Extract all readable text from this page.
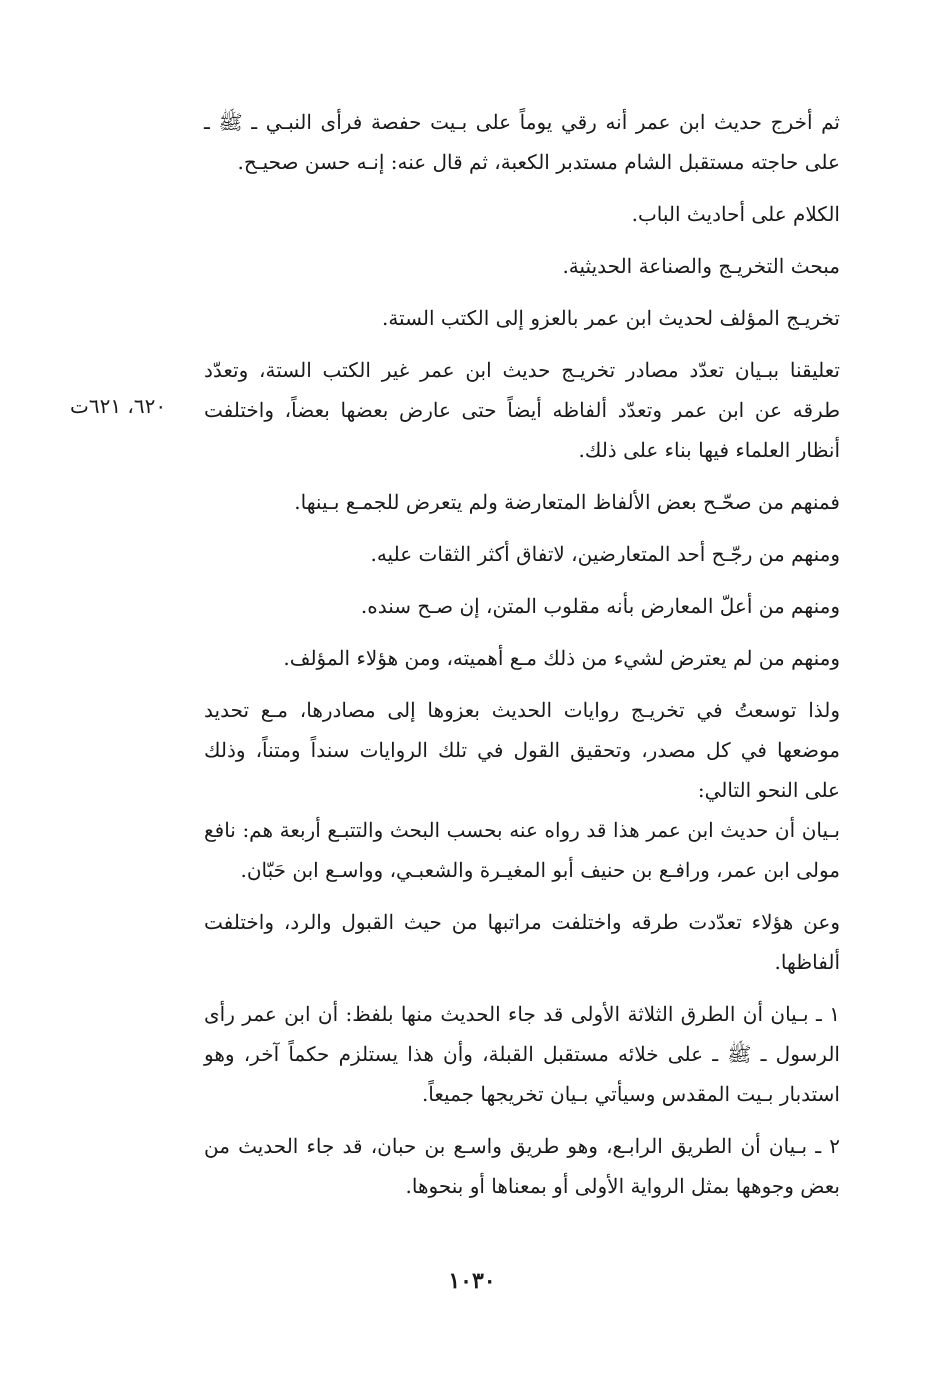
ثم أخرج حديث ابن عمر أنه رقي يوماً على بـيت حفصة فرأى النبـي ـ ﷺ ـ على حاجته مستقبل الشام مستدبر الكعبة، ثم قال عنه: إنـه حسن صحيـح.

الكلام على أحاديث الباب.

مبحث التخريـج والصناعة الحديثية.

تخريـج المؤلف لحديث ابن عمر بالعزو إلى الكتب الستة.

تعليقنا ببـيان تعدّد مصادر تخريـج حديث ابن عمر غير الكتب الستة، وتعدّد طرقه عن ابن عمر وتعدّد ألفاظه أيضاً حتى عارض بعضها بعضاً، واختلفت أنظار العلماء فيها بناء على ذلك.

فمنهم من صحّـح بعض الألفاظ المتعارضة ولم يتعرض للجمـع بـينها.

ومنهم من رجّـح أحد المتعارضين، لاتفاق أكثر الثقات عليه.

ومنهم من أعلّ المعارض بأنه مقلوب المتن، إن صـح سنده.

ومنهم من لم يعترض لشيء من ذلك مـع أهميته، ومن هؤلاء المؤلف.

ولذا توسعتُ في تخريـج روايات الحديث بعزوها إلى مصادرها، مـع تحديد موضعها في كل مصدر، وتحقيق القول في تلك الروايات سنداً ومتناً، وذلك على النحو التالي:

بـيان أن حديث ابن عمر هذا قد رواه عنه بحسب البحث والتتبـع أربعة هم: نافع مولى ابن عمر، ورافـع بن حنيف أبو المغيـرة والشعبـي، وواسـع ابن حَبّان.

وعن هؤلاء تعدّدت طرقه واختلفت مراتبها من حيث القبول والرد، واختلفت ألفاظها.

١ ـ بـيان أن الطرق الثلاثة الأولى قد جاء الحديث منها بلفظ: أن ابن عمر رأى الرسول ـ ﷺ ـ على خلائه مستقبل القبلة، وأن هذا يستلزم حكماً آخر، وهو استدبار بـيت المقدس وسيأتي بـيان تخريجها جميعاً.

٢ ـ بـيان أن الطريق الرابـع، وهو طريق واسـع بن حبان، قد جاء الحديث من بعض وجوهها بمثل الرواية الأولى أو بمعناها أو بنحوها.

٦٢٠، ٦٢١ت
١٠٣٠
